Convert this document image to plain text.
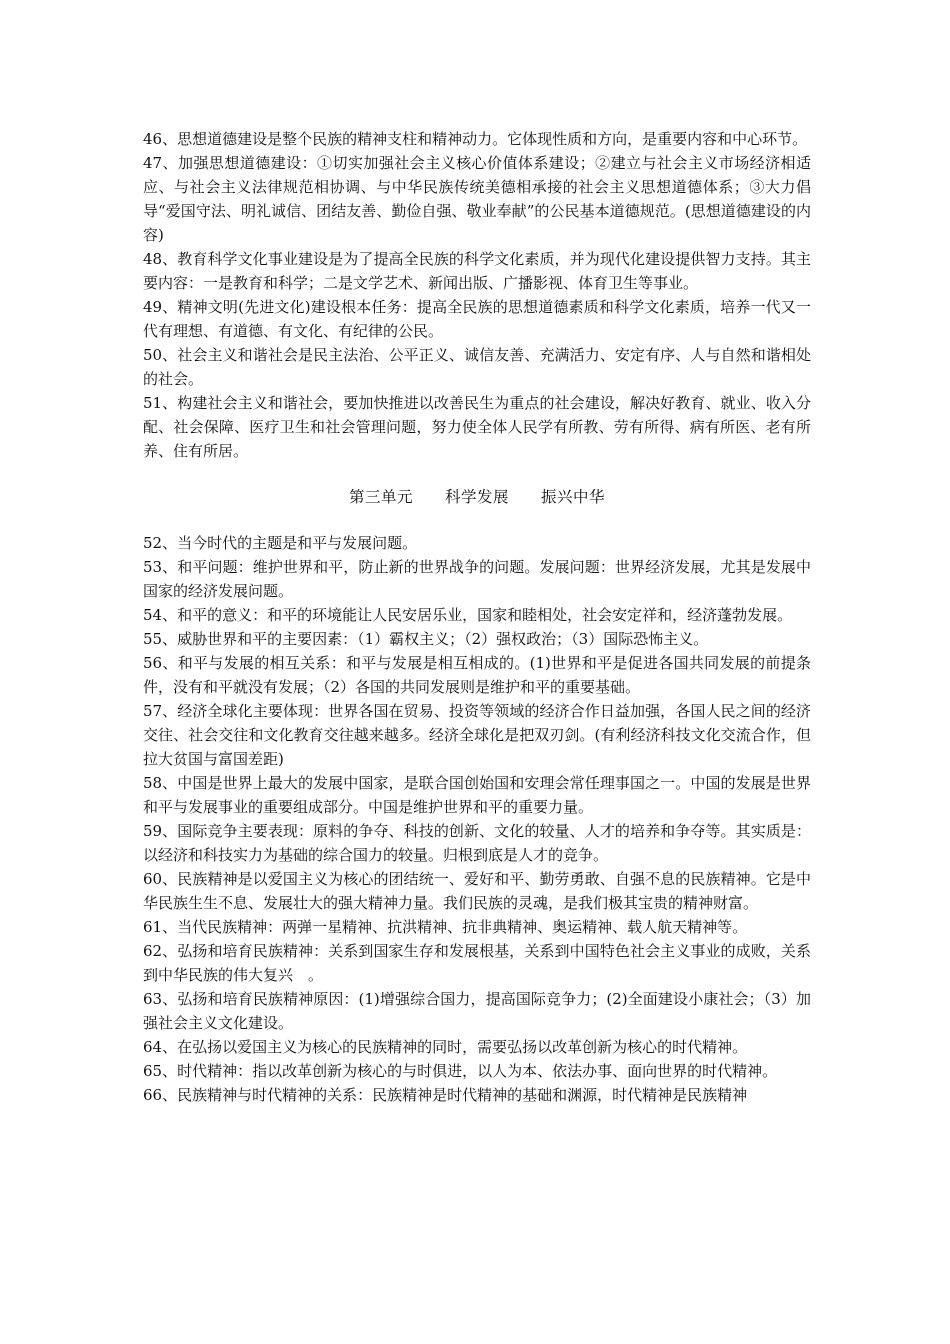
46、思想道德建设是整个民族的精神支柱和精神动力。它体现性质和方向，是重要内容和中心环节。

47、加强思想道德建设：①切实加强社会主义核心价值体系建设；②建立与社会主义市场经济相适应、与社会主义法律规范相协调、与中华民族传统美德相承接的社会主义思想道德体系；③大力倡导“爱国守法、明礼诚信、团结友善、勤俭自强、敬业奉献”的公民基本道德规范。(思想道德建设的内容)

48、教育科学文化事业建设是为了提高全民族的科学文化素质，并为现代化建设提供智力支持。其主要内容：一是教育和科学；二是文学艺术、新闻出版、广播影视、体育卫生等事业。

49、精神文明(先进文化)建设根本任务：提高全民族的思想道德素质和科学文化素质，培养一代又一代有理想、有道德、有文化、有纪律的公民。

50、社会主义和谐社会是民主法治、公平正义、诚信友善、充满活力、安定有序、人与自然和谐相处的社会。

51、构建社会主义和谐社会，要加快推进以改善民生为重点的社会建设，解决好教育、就业、收入分配、社会保障、医疗卫生和社会管理问题，努力使全体人民学有所教、劳有所得、病有所医、老有所养、住有所居。

第三单元 科学发展 振兴中华

52、当今时代的主题是和平与发展问题。

53、和平问题：维护世界和平，防止新的世界战争的问题。发展问题：世界经济发展，尤其是发展中国家的经济发展问题。

54、和平的意义：和平的环境能让人民安居乐业，国家和睦相处，社会安定祥和，经济蓬勃发展。

55、威胁世界和平的主要因素：（1）霸权主义；（2）强权政治；（3）国际恐怖主义。

56、和平与发展的相互关系：和平与发展是相互相成的。(1)世界和平是促进各国共同发展的前提条件，没有和平就没有发展；（2）各国的共同发展则是维护和平的重要基础。

57、经济全球化主要体现：世界各国在贸易、投资等领域的经济合作日益加强，各国人民之间的经济交往、社会交往和文化教育交往越来越多。经济全球化是把双刃剑。(有利经济科技文化交流合作，但拉大贫国与富国差距)

58、中国是世界上最大的发展中国家，是联合国创始国和安理会常任理事国之一。中国的发展是世界和平与发展事业的重要组成部分。中国是维护世界和平的重要力量。

59、国际竞争主要表现：原料的争夺、科技的创新、文化的较量、人才的培养和争夺等。其实质是：以经济和科技实力为基础的综合国力的较量。归根到底是人才的竞争。

60、民族精神是以爱国主义为核心的团结统一、爱好和平、勤劳勇敢、自强不息的民族精神。它是中华民族生生不息、发展壮大的强大精神力量。我们民族的灵魂，是我们极其宝贵的精神财富。

61、当代民族精神：两弹一星精神、抗洪精神、抗非典精神、奥运精神、载人航天精神等。

62、弘扬和培育民族精神：关系到国家生存和发展根基，关系到中国特色社会主义事业的成败，关系到中华民族的伟大复兴　。

63、弘扬和培育民族精神原因：(1)增强综合国力，提高国际竞争力；(2)全面建设小康社会；（3）加强社会主义文化建设。

64、在弘扬以爱国主义为核心的民族精神的同时，需要弘扬以改革创新为核心的时代精神。

65、时代精神：指以改革创新为核心的与时俱进，以人为本、依法办事、面向世界的时代精神。

66、民族精神与时代精神的关系：民族精神是时代精神的基础和渊源，时代精神是民族精神
